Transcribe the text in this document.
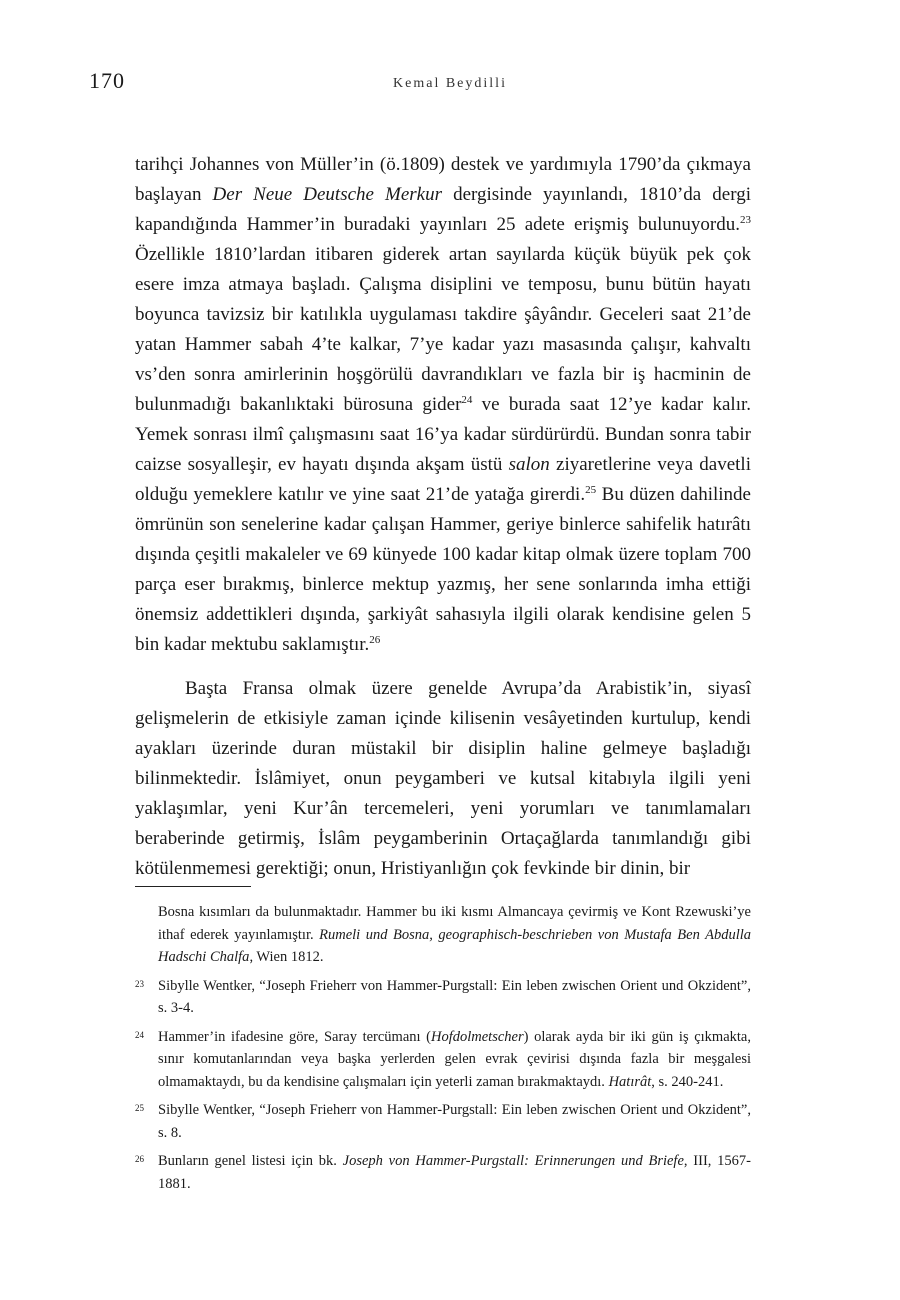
170	Kemal Beydilli

tarihçi Johannes von Müller’in (ö.1809) destek ve yardımıyla 1790’da çıkmaya başlayan Der Neue Deutsche Merkur dergisinde yayınlandı, 1810’da dergi kapandığında Hammer’in buradaki yayınları 25 adete erişmiş bulunuyordu.$^{23}$ Özellikle 1810’lardan itibaren giderek artan sayılarda küçük büyük pek çok esere imza atmaya başladı. Çalışma disiplini ve temposu, bunu bütün hayatı boyunca tavizsiz bir katılıkla uygulaması takdire şâyândır. Geceleri saat 21’de yatan Hammer sabah 4’te kalkar, 7’ye kadar yazı masasında çalışır, kahvaltı vs’den sonra amirlerinin hoşgörülü davrandıkları ve fazla bir iş hacminin de bulunmadığı bakanlıktaki bürosuna gider$^{24}$ ve burada saat 12’ye kadar kalır. Yemek sonrası ilmî çalışmasını saat 16’ya kadar sürdürürdü. Bundan sonra tabir caizse sosyalleşir, ev hayatı dışında akşam üstü salon ziyaretlerine veya davetli olduğu yemeklere katılır ve yine saat 21’de yatağa girerdi.$^{25}$ Bu düzen dahilinde ömrünün son senelerine kadar çalışan Hammer, geriye binlerce sahifelik hatırâtı dışında çeşitli makaleler ve 69 künyede 100 kadar kitap olmak üzere toplam 700 parça eser bırakmış, binlerce mektup yazmış, her sene sonlarında imha ettiği önemsiz addettikleri dışında, şarkiyât sahasıyla ilgili olarak kendisine gelen 5 bin kadar mektubu saklamıştır.$^{26}$

Başta Fransa olmak üzere genelde Avrupa’da Arabistik’in, siyasî gelişmelerin de etkisiyle zaman içinde kilisenin vesâyetinden kurtulup, kendi ayakları üzerinde duran müstakil bir disiplin haline gelmeye başladığı bilinmektedir. İslâmiyet, onun peygamberi ve kutsal kitabıyla ilgili yeni yaklaşımlar, yeni Kur’ân tercemeleri, yeni yorumları ve tanımlamaları beraberinde getirmiş, İslâm peygamberinin Ortaçağlarda tanımlandığı gibi kötülenmemesi gerektiği; onun, Hristiyanlığın çok fevkinde bir dinin, bir

Bosna kısımları da bulunmaktadır. Hammer bu iki kısmı Almancaya çevirmiş ve Kont Rzewuski’ye ithaf ederek yayınlamıştır. Rumeli und Bosna, geographisch-beschrieben von Mustafa Ben Abdulla Hadschi Chalfa, Wien 1812.
23 Sibylle Wentker, “Joseph Frieherr von Hammer-Purgstall: Ein leben zwischen Orient und Okzident”, s. 3-4.
24 Hammer’in ifadesine göre, Saray tercümanı (Hofdolmetscher) olarak ayda bir iki gün iş çıkmakta, sınır komutanlarından veya başka yerlerden gelen evrak çevirisi dışında fazla bir meşgalesi olmamaktaydı, bu da kendisine çalışmaları için yeterli zaman bırakmaktaydı. Hatırât, s. 240-241.
25 Sibylle Wentker, “Joseph Frieherr von Hammer-Purgstall: Ein leben zwischen Orient und Okzident”, s. 8.
26 Bunların genel listesi için bk. Joseph von Hammer-Purgstall: Erinnerungen und Briefe, III, 1567-1881.
